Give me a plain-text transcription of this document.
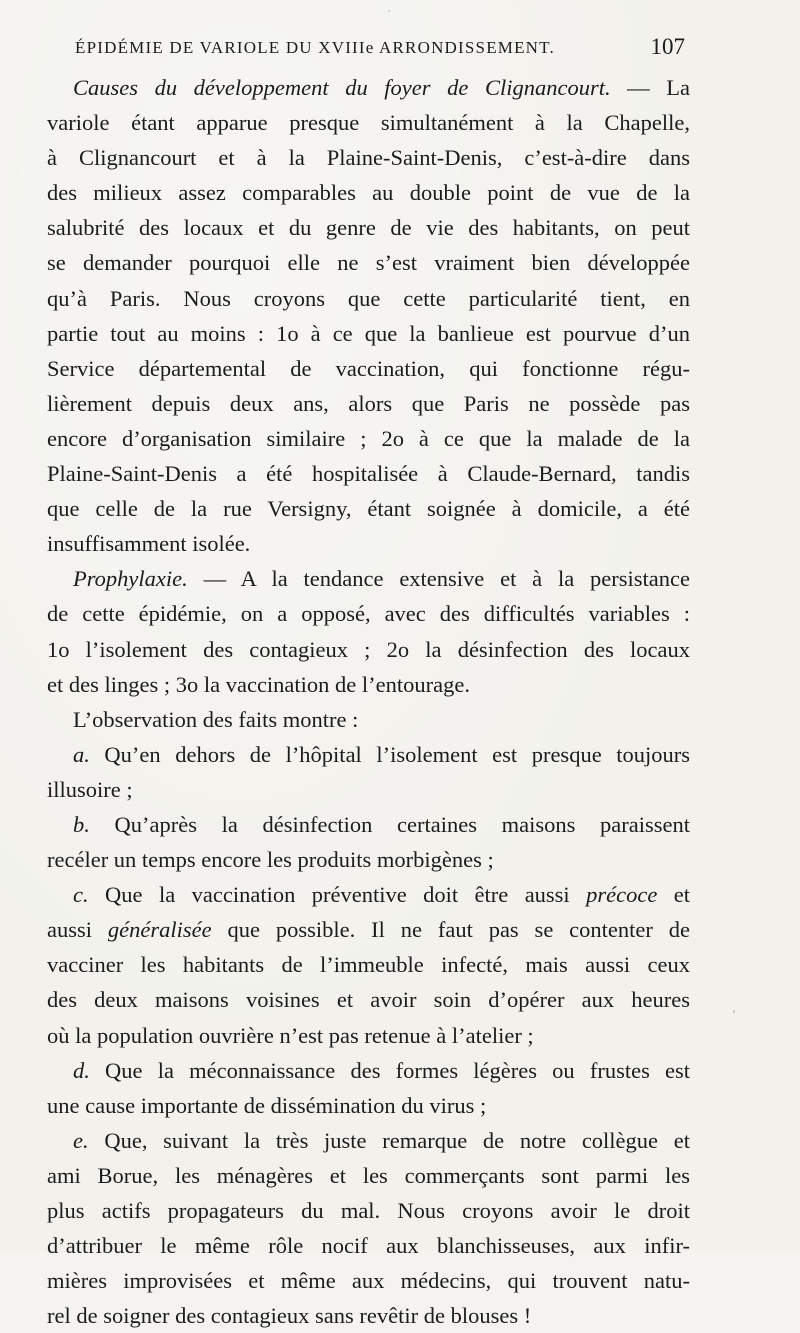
ÉPIDÉMIE DE VARIOLE DU XVIIIe ARRONDISSEMENT.	107
Causes du développement du foyer de Clignancourt. — La
variole étant apparue presque simultanément à la Chapelle,
à Clignancourt et à la Plaine-Saint-Denis, c’est-à-dire dans
des milieux assez comparables au double point de vue de la
salubrité des locaux et du genre de vie des habitants, on peut
se demander pourquoi elle ne s’est vraiment bien développée
qu’à Paris. Nous croyons que cette particularité tient, en
partie tout au moins : 1o à ce que la banlieue est pourvue d’un
Service départemental de vaccination, qui fonctionne régu-
lièrement depuis deux ans, alors que Paris ne possède pas
encore d’organisation similaire ; 2o à ce que la malade de la
Plaine-Saint-Denis a été hospitalisée à Claude-Bernard, tandis
que celle de la rue Versigny, étant soignée à domicile, a été
insuffisamment isolée.
Prophylaxie. — A la tendance extensive et à la persistance
de cette épidémie, on a opposé, avec des difficultés variables :
1o l’isolement des contagieux ; 2o la désinfection des locaux
et des linges ; 3o la vaccination de l’entourage.
L’observation des faits montre :
a. Qu’en dehors de l’hôpital l’isolement est presque toujours
illusoire ;
b. Qu’après la désinfection certaines maisons paraissent
recéler un temps encore les produits morbigènes ;
c. Que la vaccination préventive doit être aussi précoce et
aussi généralisée que possible. Il ne faut pas se contenter de
vacciner les habitants de l’immeuble infecté, mais aussi ceux
des deux maisons voisines et avoir soin d’opérer aux heures
où la population ouvrière n’est pas retenue à l’atelier ;
d. Que la méconnaissance des formes légères ou frustes est
une cause importante de dissémination du virus ;
e. Que, suivant la très juste remarque de notre collègue et
ami Borue, les ménagères et les commerçants sont parmi les
plus actifs propagateurs du mal. Nous croyons avoir le droit
d’attribuer le même rôle nocif aux blanchisseuses, aux infir-
mières improvisées et même aux médecins, qui trouvent natu-
rel de soigner des contagieux sans revêtir de blouses !
